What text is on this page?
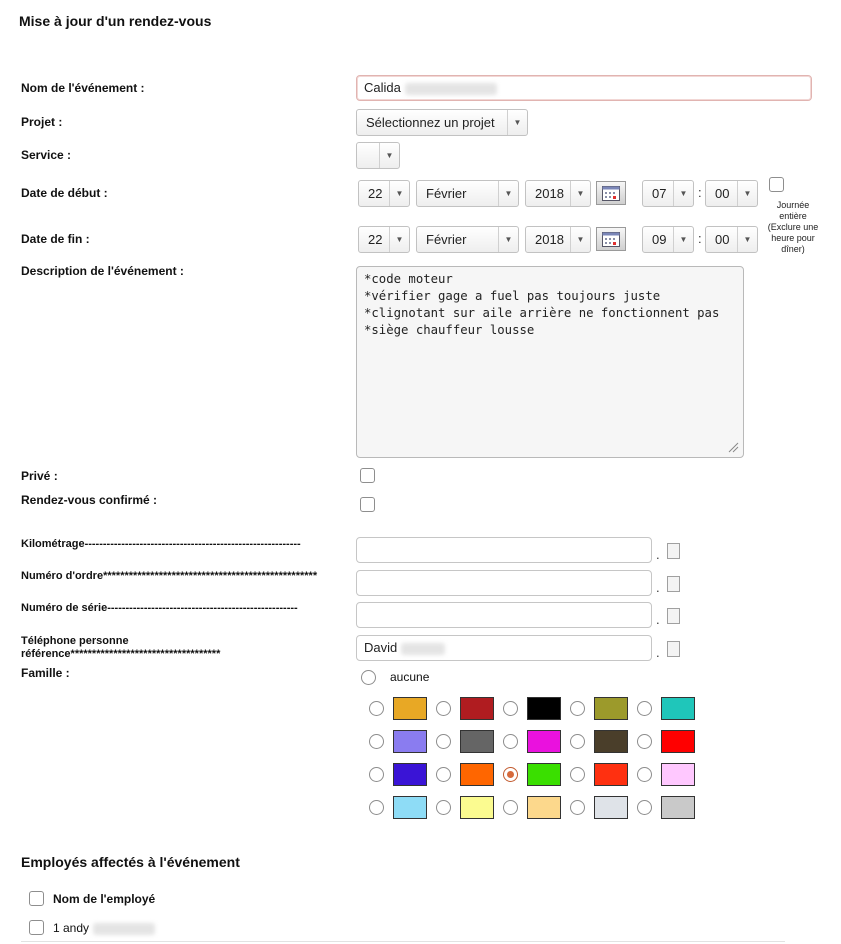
Mise à jour d'un rendez-vous
Nom de l'événement :	Calida
Projet :	Sélectionnez un projet	▼
Service :	▼
Date de début :	22	▼	Février	▼	2018	▼	07	▼ : 00	▼
Journée entière (Exclure une heure pour dîner)
Date de fin :	22	▼	Février	▼	2018	▼	09	▼ : 00	▼
Description de l'événement :
*code moteur
*vérifier gage a fuel pas toujours juste
*clignotant sur aile arrière ne fonctionnent pas
*siège chauffeur lousse
Privé :
Rendez-vous confirmé :
Kilométrage-----------------------------------------------------------
.
Numéro d'ordre**************************************************
.
Numéro de série----------------------------------------------------
.
Téléphone personne référence***********************************	David	.
Famille :	aucune
Employés affectés à l'événement
Nom de l'employé
1 andy
